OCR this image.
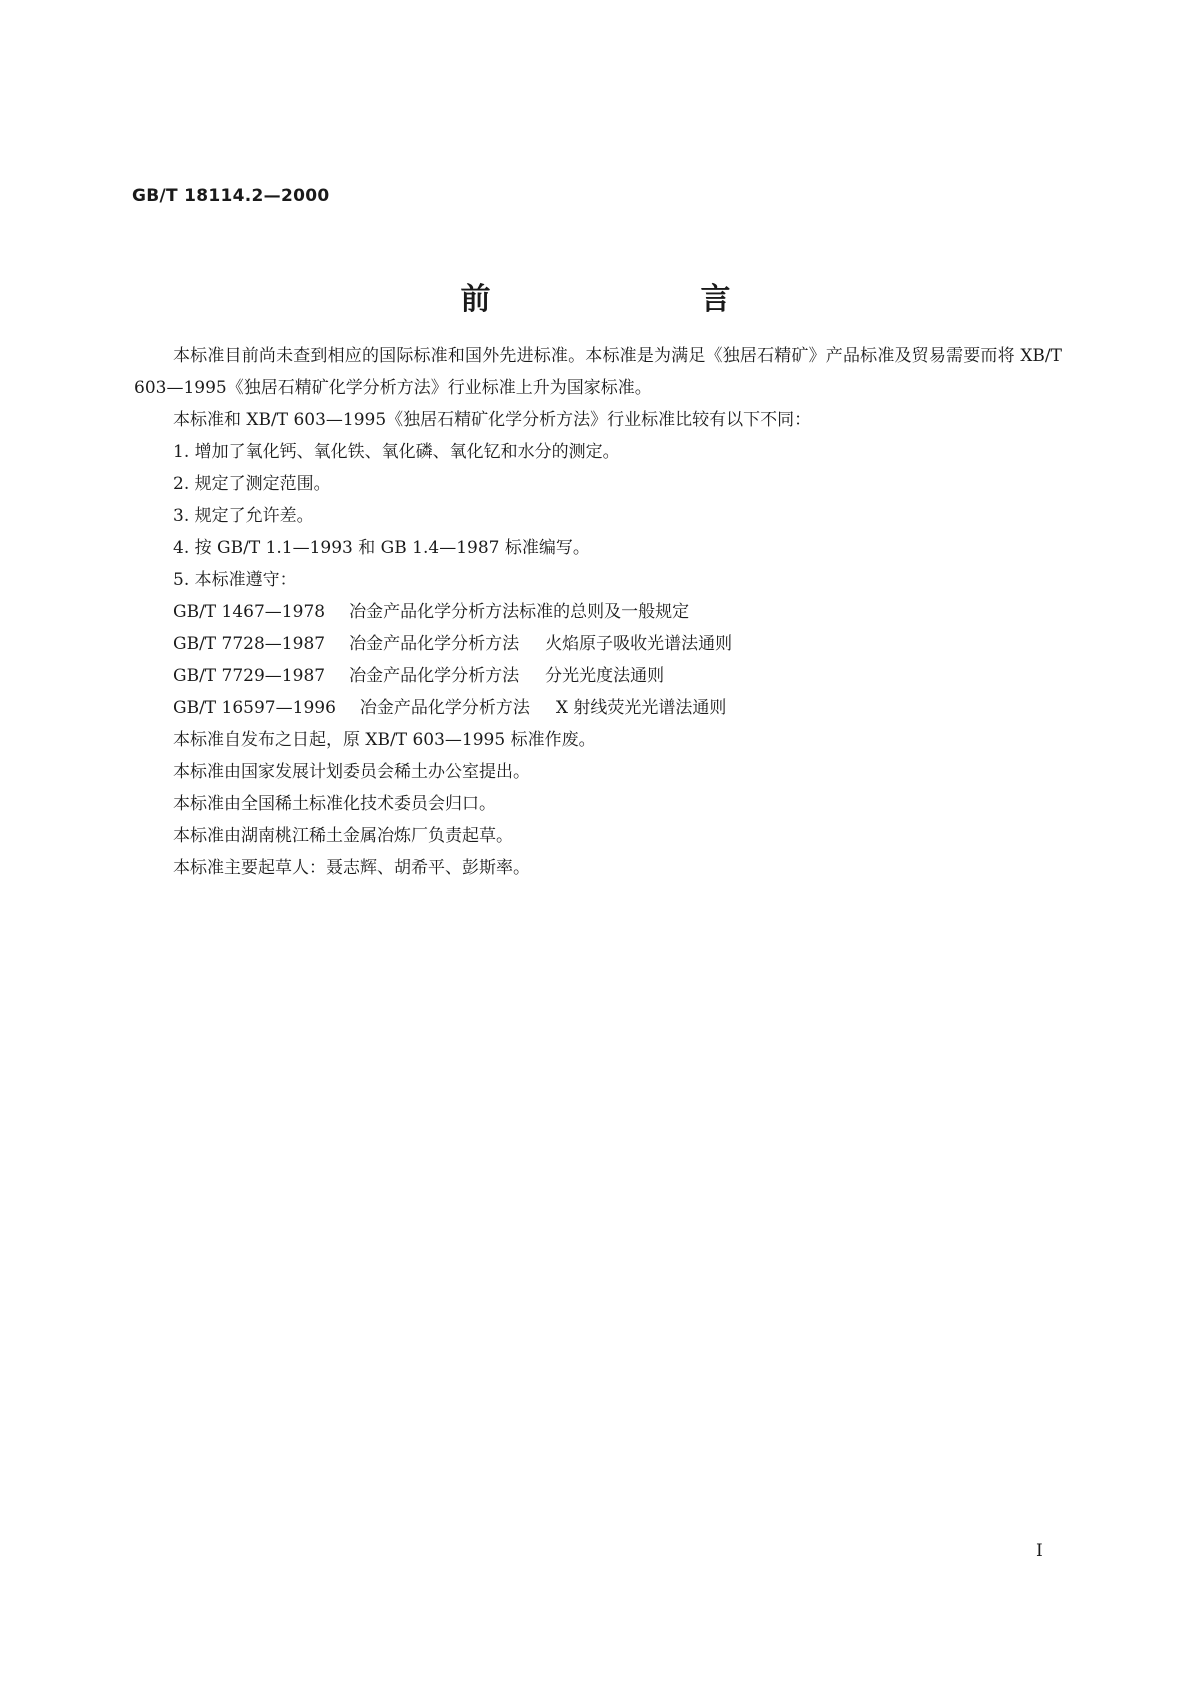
GB/T 18114.2—2000
前　言

本标准目前尚未查到相应的国际标准和国外先进标准。本标准是为满足《独居石精矿》产品标准及贸易需要而将 XB/T 603—1995《独居石精矿化学分析方法》行业标准上升为国家标准。

本标准和 XB/T 603—1995《独居石精矿化学分析方法》行业标准比较有以下不同：

1. 增加了氧化钙、氧化铁、氧化磷、氧化钇和水分的测定。

2. 规定了测定范围。

3. 规定了允许差。

4. 按 GB/T 1.1—1993 和 GB 1.4—1987 标准编写。

5. 本标准遵守：

GB/T 1467—1978 冶金产品化学分析方法标准的总则及一般规定
GB/T 7728—1987 冶金产品化学分析方法 火焰原子吸收光谱法通则
GB/T 7729—1987 冶金产品化学分析方法 分光光度法通则
GB/T 16597—1996 冶金产品化学分析方法 X 射线荧光光谱法通则

本标准自发布之日起，原 XB/T 603—1995 标准作废。

本标准由国家发展计划委员会稀土办公室提出。

本标准由全国稀土标准化技术委员会归口。

本标准由湖南桃江稀土金属冶炼厂负责起草。

本标准主要起草人：聂志辉、胡希平、彭斯率。

I
